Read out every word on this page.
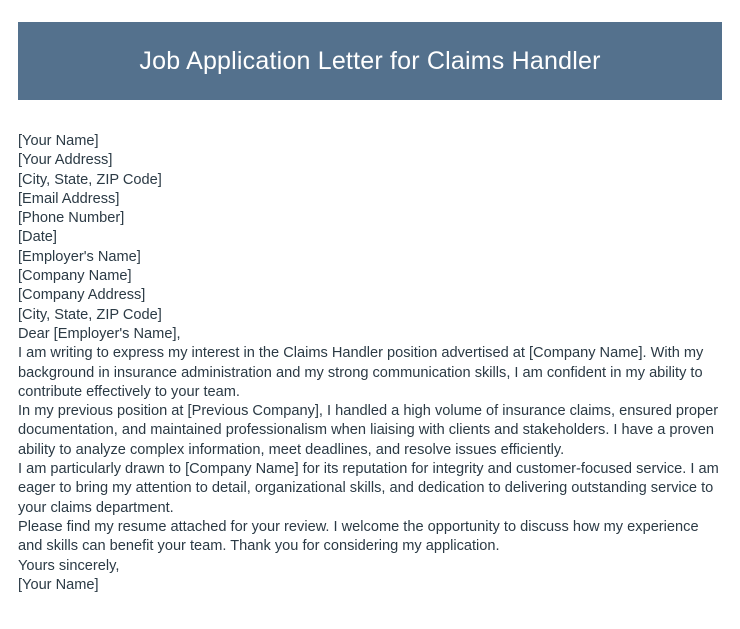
Job Application Letter for Claims Handler
[Your Name]
[Your Address]
[City, State, ZIP Code]
[Email Address]
[Phone Number]
[Date]
[Employer's Name]
[Company Name]
[Company Address]
[City, State, ZIP Code]
Dear [Employer's Name],

I am writing to express my interest in the Claims Handler position advertised at [Company Name]. With my background in insurance administration and my strong communication skills, I am confident in my ability to contribute effectively to your team.

In my previous position at [Previous Company], I handled a high volume of insurance claims, ensured proper documentation, and maintained professionalism when liaising with clients and stakeholders. I have a proven ability to analyze complex information, meet deadlines, and resolve issues efficiently.

I am particularly drawn to [Company Name] for its reputation for integrity and customer-focused service. I am eager to bring my attention to detail, organizational skills, and dedication to delivering outstanding service to your claims department.

Please find my resume attached for your review. I welcome the opportunity to discuss how my experience and skills can benefit your team. Thank you for considering my application.

Yours sincerely,
[Your Name]
